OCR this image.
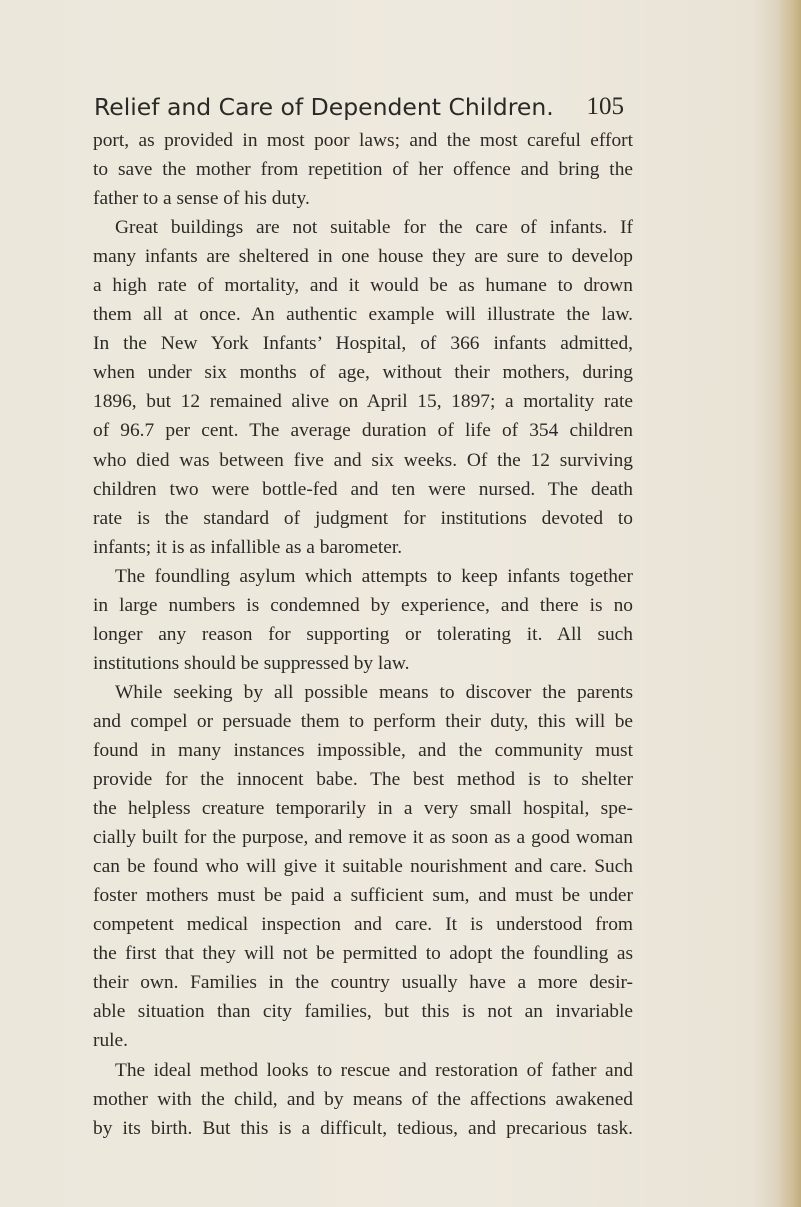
Relief and Care of Dependent Children. 105
port, as provided in most poor laws; and the most careful effort
to save the mother from repetition of her offence and bring the
father to a sense of his duty.
Great buildings are not suitable for the care of infants. If
many infants are sheltered in one house they are sure to develop
a high rate of mortality, and it would be as humane to drown
them all at once. An authentic example will illustrate the law.
In the New York Infants’ Hospital, of 366 infants admitted,
when under six months of age, without their mothers, during
1896, but 12 remained alive on April 15, 1897; a mortality rate
of 96.7 per cent. The average duration of life of 354 children
who died was between five and six weeks. Of the 12 surviving
children two were bottle-fed and ten were nursed. The death
rate is the standard of judgment for institutions devoted to
infants; it is as infallible as a barometer.
The foundling asylum which attempts to keep infants together
in large numbers is condemned by experience, and there is no
longer any reason for supporting or tolerating it. All such
institutions should be suppressed by law.
While seeking by all possible means to discover the parents
and compel or persuade them to perform their duty, this will be
found in many instances impossible, and the community must
provide for the innocent babe. The best method is to shelter
the helpless creature temporarily in a very small hospital, spe-
cially built for the purpose, and remove it as soon as a good woman
can be found who will give it suitable nourishment and care. Such
foster mothers must be paid a sufficient sum, and must be under
competent medical inspection and care. It is understood from
the first that they will not be permitted to adopt the foundling as
their own. Families in the country usually have a more desir-
able situation than city families, but this is not an invariable
rule.
The ideal method looks to rescue and restoration of father and
mother with the child, and by means of the affections awakened
by its birth. But this is a difficult, tedious, and precarious task.
